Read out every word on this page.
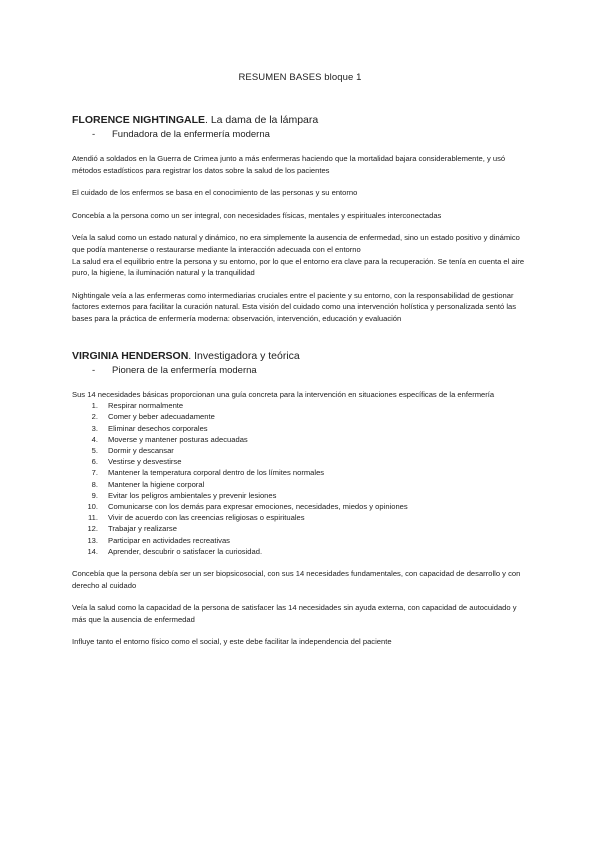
RESUMEN BASES bloque 1

FLORENCE NIGHTINGALE. La dama de la lámpara

-	Fundadora de la enfermería moderna

Atendió a soldados en la Guerra de Crimea junto a más enfermeras haciendo que la mortalidad bajara considerablemente, y usó métodos estadísticos para registrar los datos sobre la salud de los pacientes

El cuidado de los enfermos se basa en el conocimiento de las personas y su entorno

Concebía a la persona como un ser integral, con necesidades físicas, mentales y espirituales interconectadas

Veía la salud como un estado natural y dinámico, no era simplemente la ausencia de enfermedad, sino un estado positivo y dinámico que podía mantenerse o restaurarse mediante la interacción adecuada con el entorno

La salud era el equilibrio entre la persona y su entorno, por lo que el entorno era clave para la recuperación. Se tenía en cuenta el aire puro, la higiene, la iluminación natural y la tranquilidad

Nightingale veía a las enfermeras como intermediarias cruciales entre el paciente y su entorno, con la responsabilidad de gestionar factores externos para facilitar la curación natural. Esta visión del cuidado como una intervención holística y personalizada sentó las bases para la práctica de enfermería moderna: observación, intervención, educación y evaluación

VIRGINIA HENDERSON. Investigadora y teórica

-	Pionera de la enfermería moderna

Sus 14 necesidades básicas proporcionan una guía concreta para la intervención en situaciones específicas de la enfermería

1.	Respirar normalmente
2.	Comer y beber adecuadamente
3.	Eliminar desechos corporales
4.	Moverse y mantener posturas adecuadas
5.	Dormir y descansar
6.	Vestirse y desvestirse
7.	Mantener la temperatura corporal dentro de los límites normales
8.	Mantener la higiene corporal
9.	Evitar los peligros ambientales y prevenir lesiones
10.	Comunicarse con los demás para expresar emociones, necesidades, miedos y opiniones
11.	Vivir de acuerdo con las creencias religiosas o espirituales
12.	Trabajar y realizarse
13.	Participar en actividades recreativas
14.	Aprender, descubrir o satisfacer la curiosidad.

Concebía que la persona debía ser un ser biopsicosocial, con sus 14 necesidades fundamentales, con capacidad de desarrollo y con derecho al cuidado

Veía la salud como la capacidad de la persona de satisfacer las 14 necesidades sin ayuda externa, con capacidad de autocuidado y más que la ausencia de enfermedad

Influye tanto el entorno físico como el social, y este debe facilitar la independencia del paciente
